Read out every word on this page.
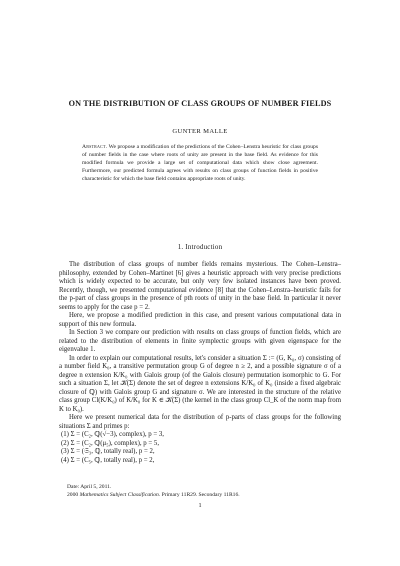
ON THE DISTRIBUTION OF CLASS GROUPS OF NUMBER FIELDS
GUNTER MALLE
Abstract. We propose a modification of the predictions of the Cohen–Lenstra heuristic for class groups of number fields in the case where roots of unity are present in the base field. As evidence for this modified formula we provide a large set of computational data which show close agreement. Furthermore, our predicted formula agrees with results on class groups of function fields in positive characteristic for which the base field contains appropriate roots of unity.
1. Introduction

The distribution of class groups of number fields remains mysterious. The Cohen–Lenstra–philosophy, extended by Cohen–Martinet [6] gives a heuristic approach with very precise predictions which is widely expected to be accurate, but only very few isolated instances have been proved. Recently, though, we presented computational evidence [8] that the Cohen–Lenstra–heuristic fails for the p-part of class groups in the presence of pth roots of unity in the base field. In particular it never seems to apply for the case p = 2.

Here, we propose a modified prediction in this case, and present various computational data in support of this new formula.

In Section 3 we compare our prediction with results on class groups of function fields, which are related to the distribution of elements in finite symplectic groups with given eigenspace for the eigenvalue 1.

In order to explain our computational results, let's consider a situation Σ := (G, K₀, σ) consisting of a number field K₀, a transitive permutation group G of degree n ≥ 2, and a possible signature σ of a degree n extension K/K₀ with Galois group (of the Galois closure) permutation isomorphic to G. For such a situation Σ, let 𝒦(Σ) denote the set of degree n extensions K/K₀ of K₀ (inside a fixed algebraic closure of ℚ) with Galois group G and signature σ. We are interested in the structure of the relative class group Cl(K/K₀) of K/K₀ for K ∈ 𝒦(Σ) (the kernel in the class group Cl_K of the norm map from K to K₀).

Here we present numerical data for the distribution of p-parts of class groups for the following situations Σ and primes p:

(1) Σ = (C₂, ℚ(√−3), complex), p = 3,
(2) Σ = (C₂, ℚ(μ₅), complex), p = 5,
(3) Σ = (𝔖₃, ℚ, totally real), p = 2,
(4) Σ = (C₅, ℚ, totally real), p = 2,
Date: April 5, 2011.
2000 Mathematics Subject Classification. Primary 11R29. Secondary 11R16.
1
